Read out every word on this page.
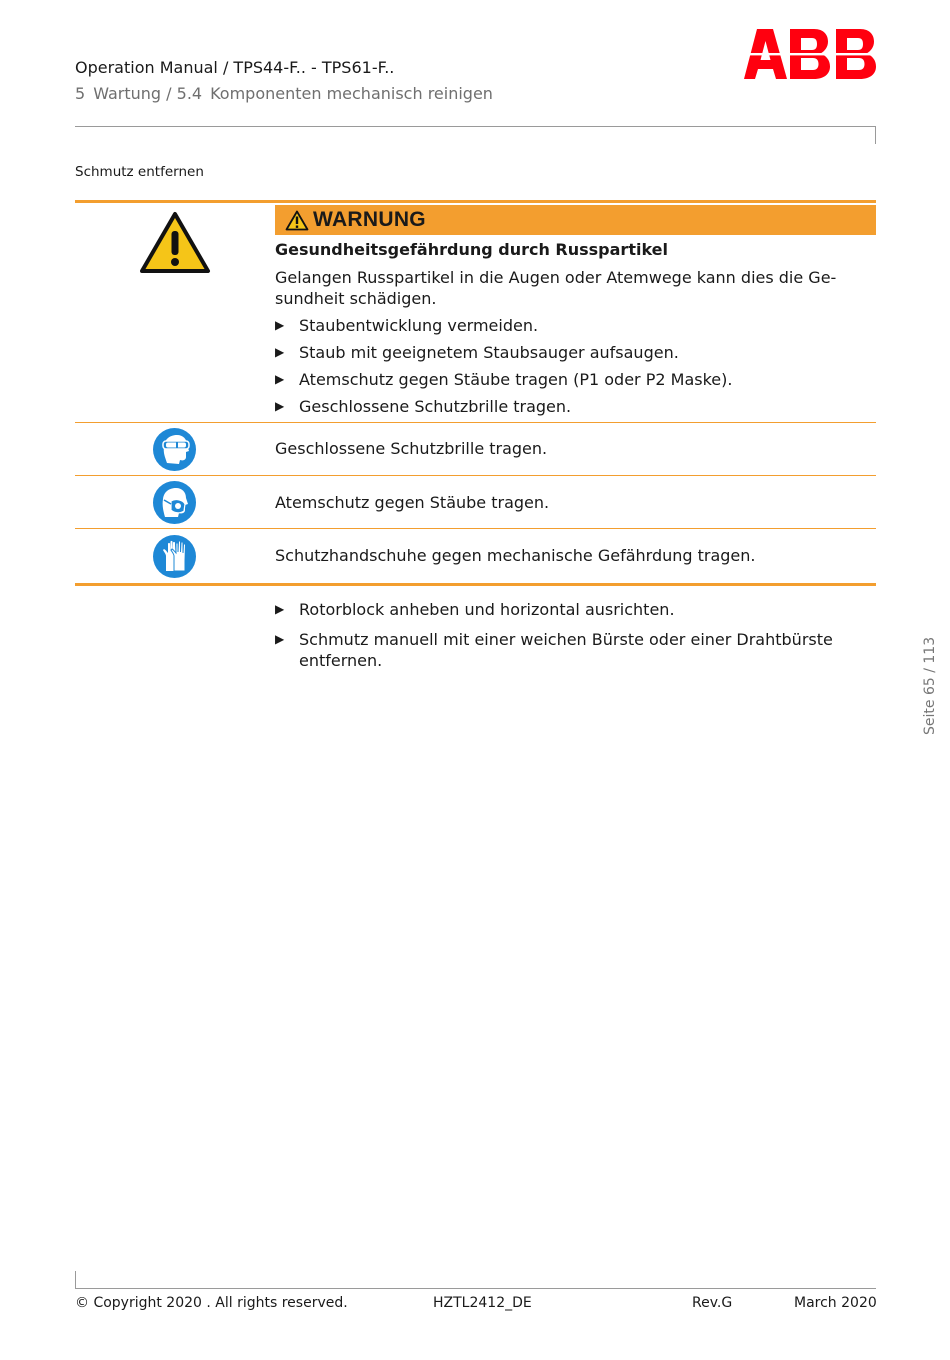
Operation Manual / TPS44-F.. - TPS61-F..
5 Wartung / 5.4 Komponenten mechanisch reinigen
Schmutz entfernen
WARNUNG
Gesundheitsgefährdung durch Russpartikel
Gelangen Russpartikel in die Augen oder Atemwege kann dies die Gesundheit schädigen.
▶ Staubentwicklung vermeiden.
▶ Staub mit geeignetem Staubsauger aufsaugen.
▶ Atemschutz gegen Stäube tragen (P1 oder P2 Maske).
▶ Geschlossene Schutzbrille tragen.
Geschlossene Schutzbrille tragen.
Atemschutz gegen Stäube tragen.
Schutzhandschuhe gegen mechanische Gefährdung tragen.
▶ Rotorblock anheben und horizontal ausrichten.
▶ Schmutz manuell mit einer weichen Bürste oder einer Drahtbürste entfernen.	Seite 65 / 113
© Copyright 2020 . All rights reserved.	HZTL2412_DE	Rev.G	March 2020
